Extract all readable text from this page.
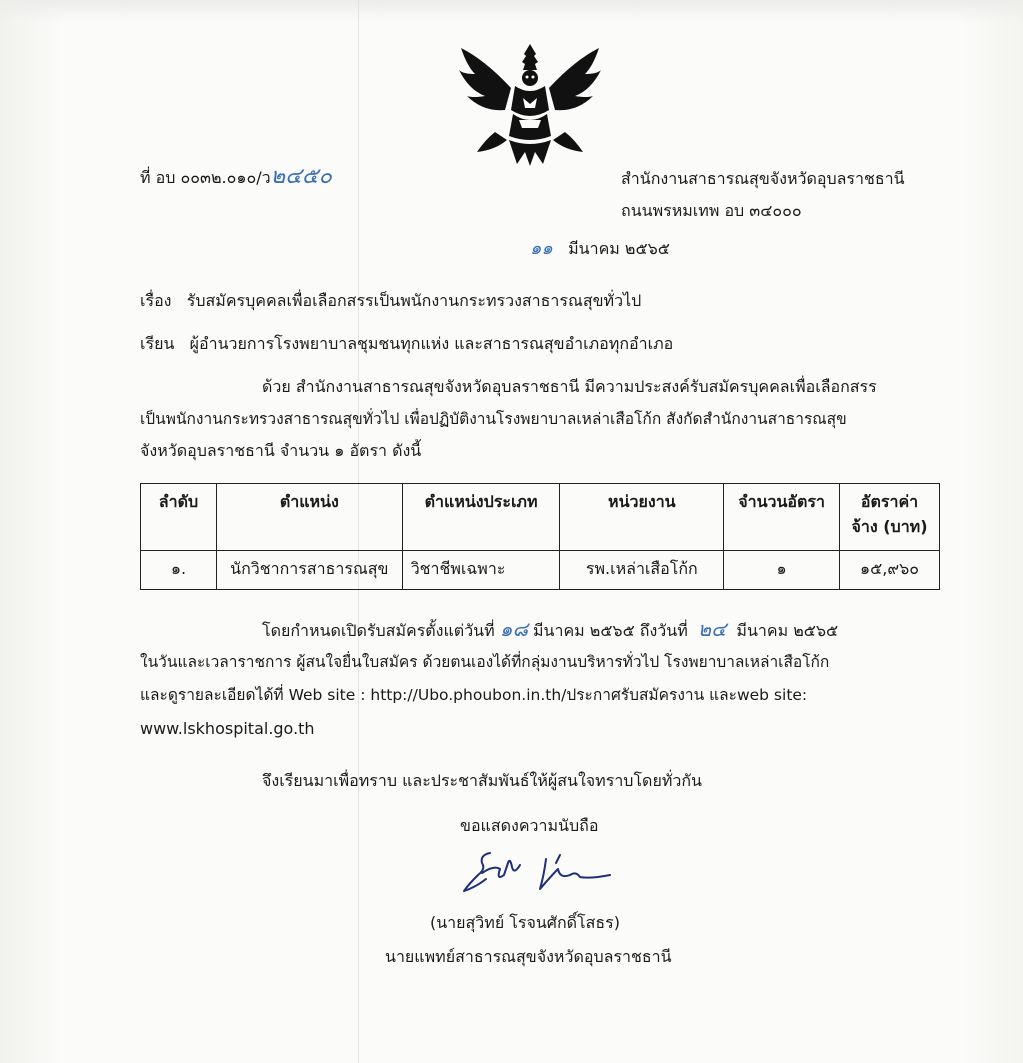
ที่ อบ ๐๐๓๒.๐๑๐/ว๒๔๕๐	สำนักงานสาธารณสุขจังหวัดอุบลราชธานี
ถนนพรหมเทพ อบ ๓๔๐๐๐
๑๑ มีนาคม ๒๕๖๕
เรื่อง รับสมัครบุคคลเพื่อเลือกสรรเป็นพนักงานกระทรวงสาธารณสุขทั่วไป
เรียน ผู้อำนวยการโรงพยาบาลชุมชนทุกแห่ง และสาธารณสุขอำเภอทุกอำเภอ
ด้วย สำนักงานสาธารณสุขจังหวัดอุบลราชธานี มีความประสงค์รับสมัครบุคคลเพื่อเลือกสรร
เป็นพนักงานกระทรวงสาธารณสุขทั่วไป เพื่อปฏิบัติงานโรงพยาบาลเหล่าเสือโก้ก สังกัดสำนักงานสาธารณสุข
จังหวัดอุบลราชธานี จำนวน ๑ อัตรา ดังนี้
ลำดับ	ตำแหน่ง	ตำแหน่งประเภท	หน่วยงาน	จำนวนอัตรา	อัตราค่าจ้าง (บาท)
๑.	นักวิชาการสาธารณสุข	วิชาชีพเฉพาะ	รพ.เหล่าเสือโก้ก	๑	๑๕,๙๖๐
โดยกำหนดเปิดรับสมัครตั้งแต่วันที่ ๑๘ มีนาคม ๒๕๖๕ ถึงวันที่ ๒๔ มีนาคม ๒๕๖๕
ในวันและเวลาราชการ ผู้สนใจยื่นใบสมัคร ด้วยตนเองได้ที่กลุ่มงานบริหารทั่วไป โรงพยาบาลเหล่าเสือโก้ก
และดูรายละเอียดได้ที่ Web site : http://Ubo.phoubon.in.th/ประกาศรับสมัครงาน และweb site:
www.lskhospital.go.th
จึงเรียนมาเพื่อทราบ และประชาสัมพันธ์ให้ผู้สนใจทราบโดยทั่วกัน
ขอแสดงความนับถือ
(นายสุวิทย์ โรจนศักดิ์โสธร)
นายแพทย์สาธารณสุขจังหวัดอุบลราชธานี
